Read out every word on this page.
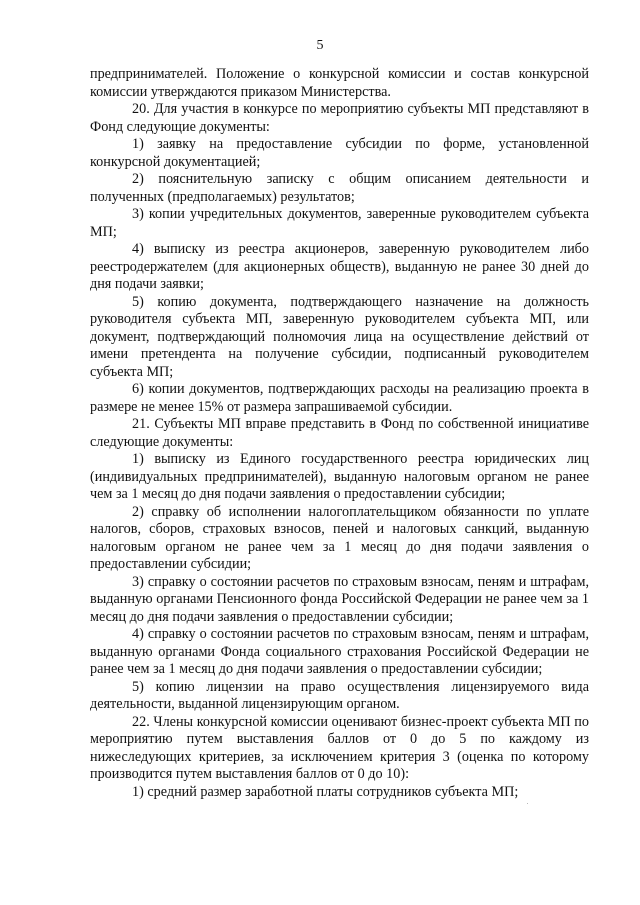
5

предпринимателей. Положение о конкурсной комиссии и состав конкурсной комиссии утверждаются приказом Министерства.

20. Для участия в конкурсе по мероприятию субъекты МП представляют в Фонд следующие документы:

1) заявку на предоставление субсидии по форме, установленной конкурсной документацией;

2) пояснительную записку с общим описанием деятельности и полученных (предполагаемых) результатов;

3) копии учредительных документов, заверенные руководителем субъекта МП;

4) выписку из реестра акционеров, заверенную руководителем либо реестродержателем (для акционерных обществ), выданную не ранее 30 дней до дня подачи заявки;

5) копию документа, подтверждающего назначение на должность руководителя субъекта МП, заверенную руководителем субъекта МП, или документ, подтверждающий полномочия лица на осуществление действий от имени претендента на получение субсидии, подписанный руководителем субъекта МП;

6) копии документов, подтверждающих расходы на реализацию проекта в размере не менее 15% от размера запрашиваемой субсидии.

21. Субъекты МП вправе представить в Фонд по собственной инициативе следующие документы:

1) выписку из Единого государственного реестра юридических лиц (индивидуальных предпринимателей), выданную налоговым органом не ранее чем за 1 месяц до дня подачи заявления о предоставлении субсидии;

2) справку об исполнении налогоплательщиком обязанности по уплате налогов, сборов, страховых взносов, пеней и налоговых санкций, выданную налоговым органом не ранее чем за 1 месяц до дня подачи заявления о предоставлении субсидии;

3) справку о состоянии расчетов по страховым взносам, пеням и штрафам, выданную органами Пенсионного фонда Российской Федерации не ранее чем за 1 месяц до дня подачи заявления о предоставлении субсидии;

4) справку о состоянии расчетов по страховым взносам, пеням и штрафам, выданную органами Фонда социального страхования Российской Федерации не ранее чем за 1 месяц до дня подачи заявления о предоставлении субсидии;

5) копию лицензии на право осуществления лицензируемого вида деятельности, выданной лицензирующим органом.

22. Члены конкурсной комиссии оценивают бизнес-проект субъекта МП по мероприятию путем выставления баллов от 0 до 5 по каждому из нижеследующих критериев, за исключением критерия 3 (оценка по которому производится путем выставления баллов от 0 до 10):

1) средний размер заработной платы сотрудников субъекта МП;
